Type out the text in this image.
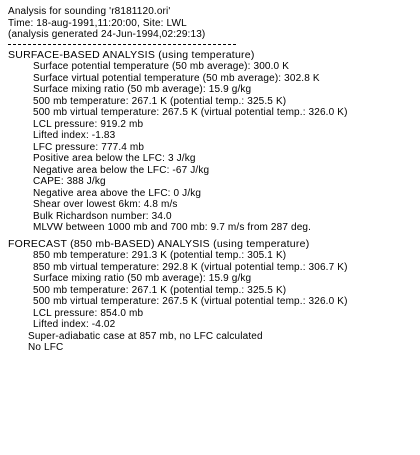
Analysis for sounding 'r8181120.ori'
Time: 18-aug-1991,11:20:00, Site: LWL
(analysis generated 24-Jun-1994,02:29:13)
SURFACE-BASED ANALYSIS (using temperature)
Surface potential temperature (50 mb average): 300.0 K
Surface virtual potential temperature (50 mb average): 302.8 K
Surface mixing ratio (50 mb average): 15.9 g/kg
500 mb temperature: 267.1 K (potential temp.: 325.5 K)
500 mb virtual temperature: 267.5 K (virtual potential temp.: 326.0 K)
LCL pressure: 919.2 mb
Lifted index: -1.83
LFC pressure: 777.4 mb
Positive area below the LFC: 3 J/kg
Negative area below the LFC: -67 J/kg
CAPE: 388 J/kg
Negative area above the LFC: 0 J/kg
Shear over lowest 6km: 4.8 m/s
Bulk Richardson number: 34.0
MLVW between 1000 mb and 700 mb: 9.7 m/s from 287 deg.
FORECAST (850 mb-BASED) ANALYSIS (using temperature)
850 mb temperature: 291.3 K (potential temp.: 305.1 K)
850 mb virtual temperature: 292.8 K (virtual potential temp.: 306.7 K)
Surface mixing ratio (50 mb average): 15.9 g/kg
500 mb temperature: 267.1 K (potential temp.: 325.5 K)
500 mb virtual temperature: 267.5 K (virtual potential temp.: 326.0 K)
LCL pressure: 854.0 mb
Lifted index: -4.02
Super-adiabatic case at 857 mb, no LFC calculated
No LFC
